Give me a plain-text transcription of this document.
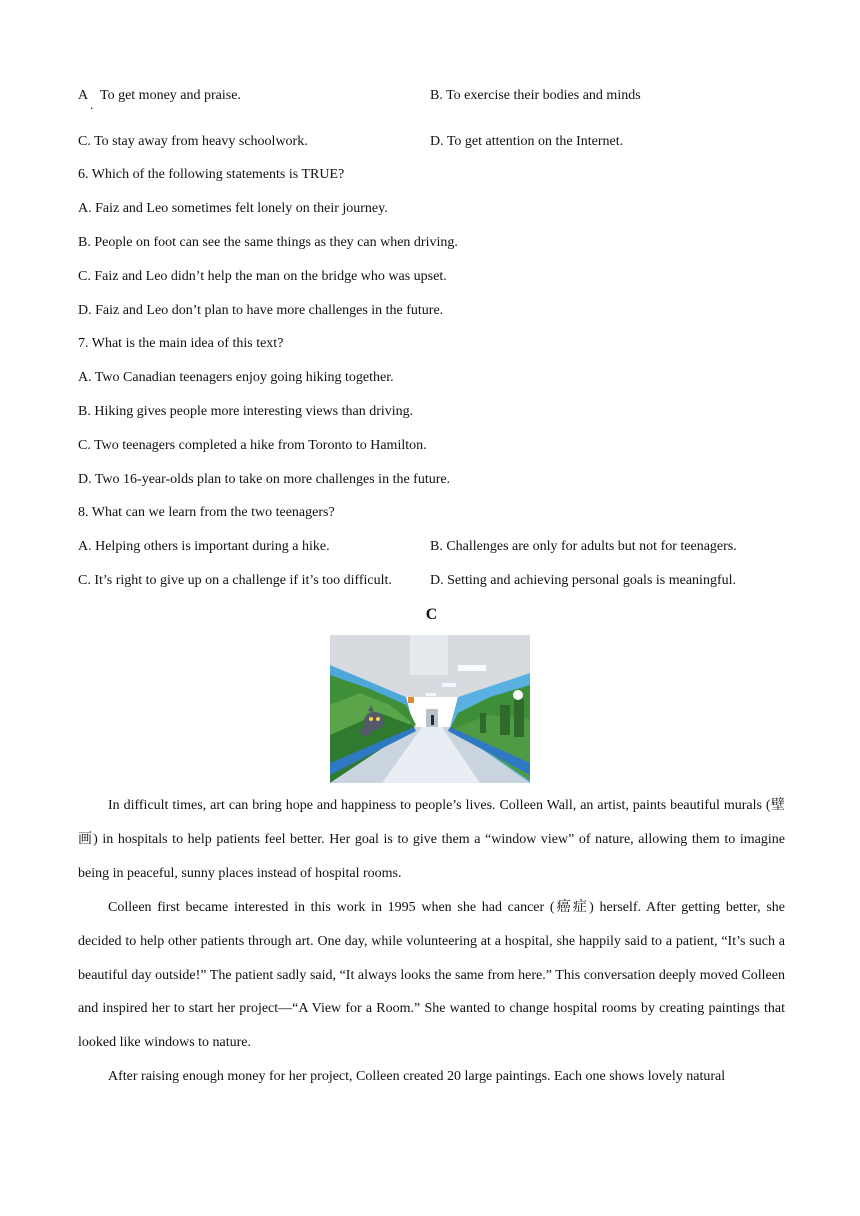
A
.
To get money and praise.	B. To exercise their bodies and minds
C. To stay away from heavy schoolwork.	D. To get attention on the Internet.
6. Which of the following statements is TRUE?
A. Faiz and Leo sometimes felt lonely on their journey.
B. People on foot can see the same things as they can when driving.
C. Faiz and Leo didn’t help the man on the bridge who was upset.
D. Faiz and Leo don’t plan to have more challenges in the future.
7. What is the main idea of this text?
A. Two Canadian teenagers enjoy going hiking together.
B. Hiking gives people more interesting views than driving.
C. Two teenagers completed a hike from Toronto to Hamilton.
D. Two 16-year-olds plan to take on more challenges in the future.
8. What can we learn from the two teenagers?
A. Helping others is important during a hike.	B. Challenges are only for adults but not for teenagers.
C. It’s right to give up on a challenge if it’s too difficult.	D. Setting and achieving personal goals is meaningful.
C
In difficult times, art can bring hope and happiness to people’s lives. Colleen Wall, an artist, paints beautiful murals (壁画) in hospitals to help patients feel better. Her goal is to give them a “window view” of nature, allowing them to imagine being in peaceful, sunny places instead of hospital rooms.
Colleen first became interested in this work in 1995 when she had cancer (癌症) herself. After getting better, she decided to help other patients through art. One day, while volunteering at a hospital, she happily said to a patient, “It’s such a beautiful day outside!” The patient sadly said, “It always looks the same from here.” This conversation deeply moved Colleen and inspired her to start her project—“A View for a Room.” She wanted to change hospital rooms by creating paintings that looked like windows to nature.
After raising enough money for her project, Colleen created 20 large paintings. Each one shows lovely natural
